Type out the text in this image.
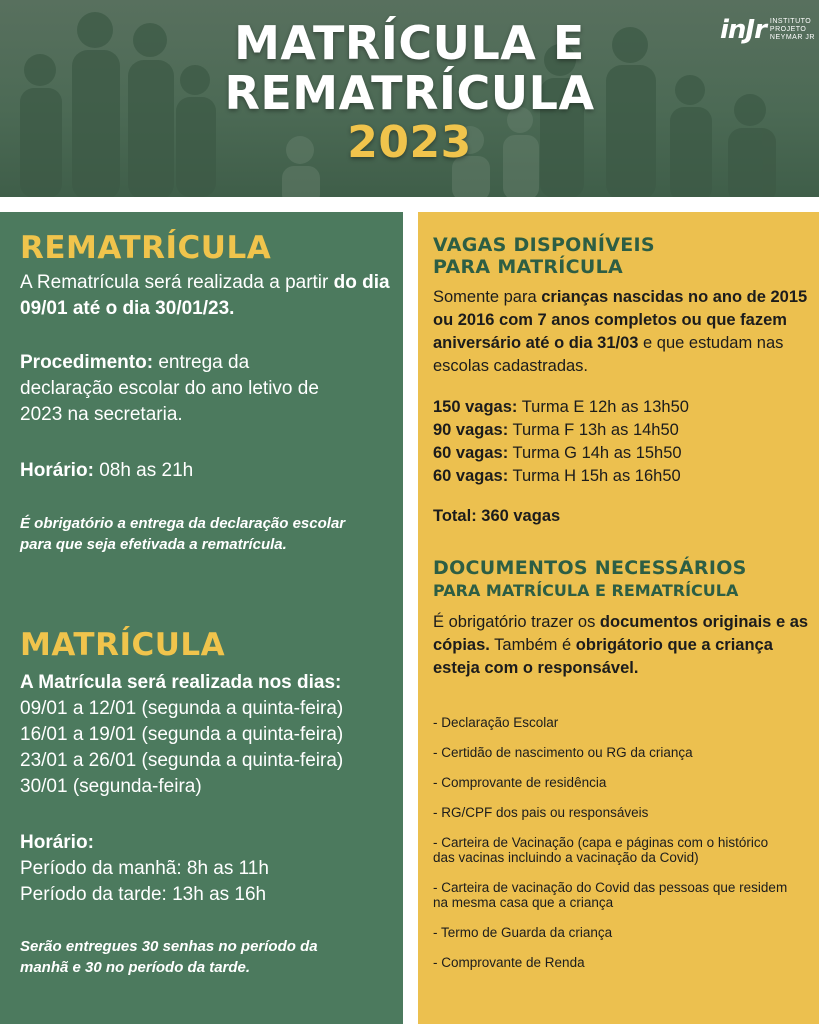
MATRÍCULA E
REMATRÍCULA
2023
inJr INSTITUTO
PROJETO
NEYMAR JR
REMATRÍCULA

A Rematrícula será realizada a partir do dia 09/01 até o dia 30/01/23.

Procedimento: entrega da declaração escolar do ano letivo de 2023 na secretaria.

Horário: 08h as 21h

É obrigatório a entrega da declaração escolar para que seja efetivada a rematrícula.

MATRÍCULA

A Matrícula será realizada nos dias:
09/01 a 12/01 (segunda a quinta-feira)
16/01 a 19/01 (segunda a quinta-feira)
23/01 a 26/01 (segunda a quinta-feira)
30/01 (segunda-feira)

Horário:
Período da manhã: 8h as 11h
Período da tarde: 13h as 16h

Serão entregues 30 senhas no período da manhã e 30 no período da tarde.

VAGAS DISPONÍVEIS
PARA MATRÍCULA

Somente para crianças nascidas no ano de 2015 ou 2016 com 7 anos completos ou que fazem aniversário até o dia 31/03 e que estudam nas escolas cadastradas.

150 vagas: Turma E 12h as 13h50
90 vagas: Turma F 13h as 14h50
60 vagas: Turma G 14h as 15h50
60 vagas: Turma H 15h as 16h50

Total: 360 vagas

DOCUMENTOS NECESSÁRIOS
PARA MATRÍCULA E REMATRÍCULA

É obrigatório trazer os documentos originais e as cópias. Também é obrigátorio que a criança esteja com o responsável.

- Declaração Escolar
- Certidão de nascimento ou RG da criança
- Comprovante de residência
- RG/CPF dos pais ou responsáveis
- Carteira de Vacinação (capa e páginas com o histórico das vacinas incluindo a vacinação da Covid)
- Carteira de vacinação do Covid das pessoas que residem na mesma casa que a criança
- Termo de Guarda da criança
- Comprovante de Renda
